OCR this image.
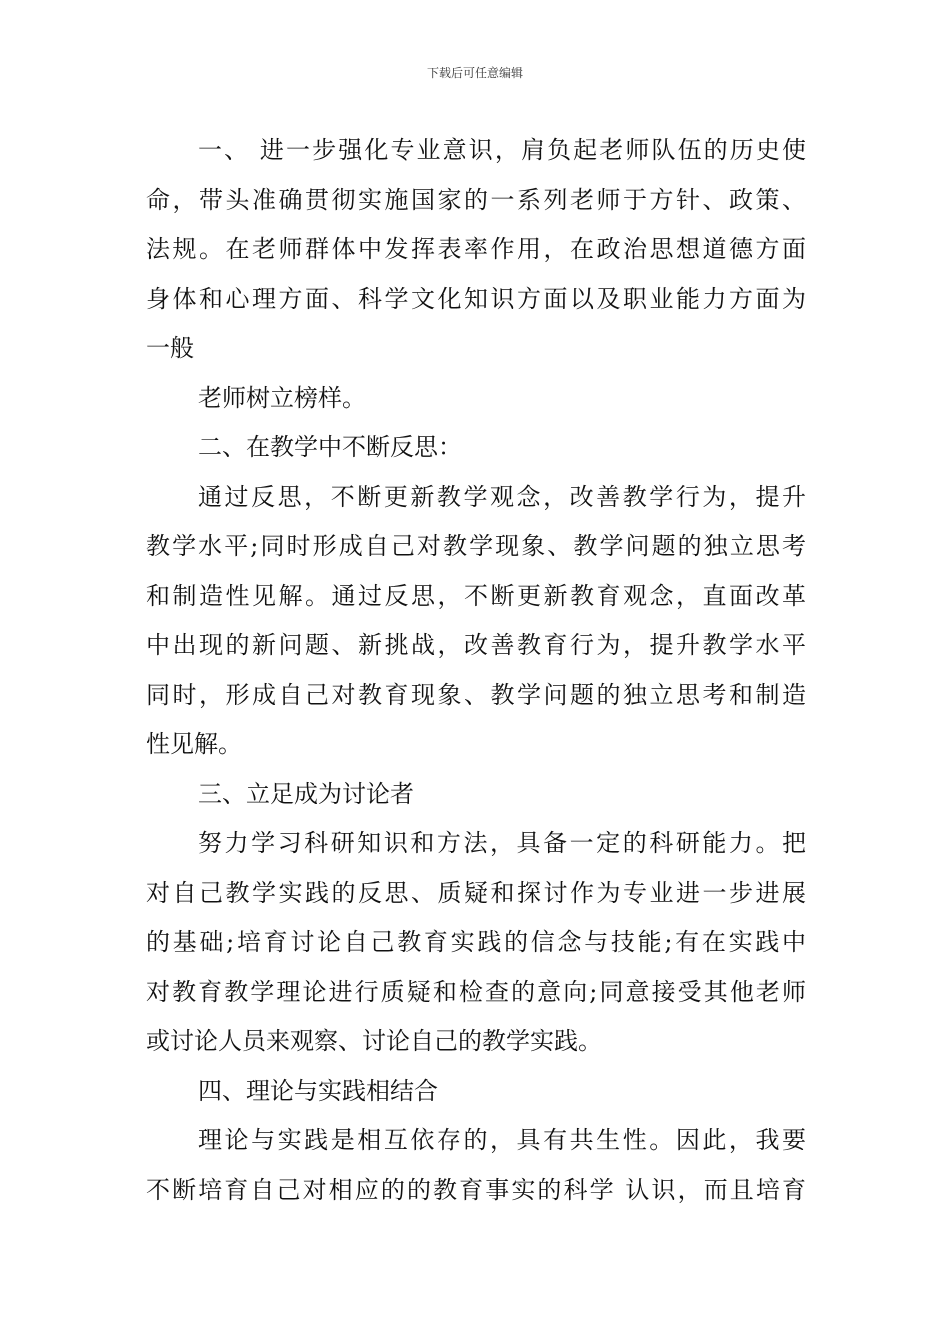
下载后可任意编辑
一、 进一步强化专业意识，肩负起老师队伍的历史使
命，带头准确贯彻实施国家的一系列老师于方针、政策、
法规。在老师群体中发挥表率作用，在政治思想道德方面
身体和心理方面、科学文化知识方面以及职业能力方面为
一般
老师树立榜样。
二、在教学中不断反思：
通过反思，不断更新教学观念，改善教学行为，提升
教学水平;同时形成自己对教学现象、教学问题的独立思考
和制造性见解。通过反思，不断更新教育观念，直面改革
中出现的新问题、新挑战，改善教育行为，提升教学水平
同时，形成自己对教育现象、教学问题的独立思考和制造
性见解。
三、立足成为讨论者
努力学习科研知识和方法，具备一定的科研能力。把
对自己教学实践的反思、质疑和探讨作为专业进一步进展
的基础;培育讨论自己教育实践的信念与技能;有在实践中
对教育教学理论进行质疑和检查的意向;同意接受其他老师
或讨论人员来观察、讨论自己的教学实践。
四、理论与实践相结合
理论与实践是相互依存的，具有共生性。因此，我要
不断培育自己对相应的的教育事实的科学 认识，而且培育
